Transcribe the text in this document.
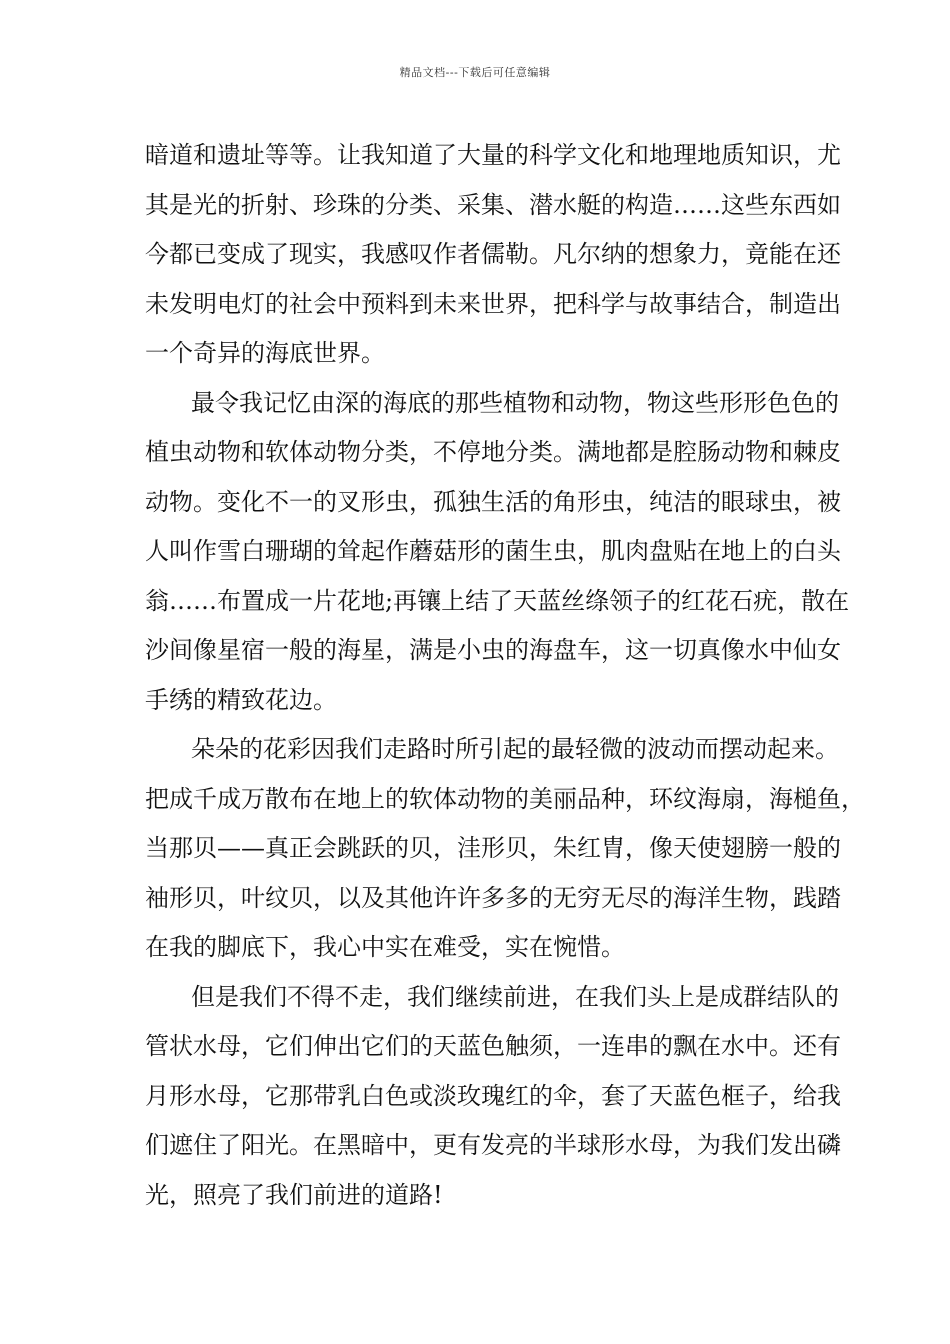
精品文档---下载后可任意编辑
暗道和遗址等等。让我知道了大量的科学文化和地理地质知识，尤
其是光的折射、珍珠的分类、采集、潜水艇的构造……这些东西如
今都已变成了现实，我感叹作者儒勒。凡尔纳的想象力，竟能在还
未发明电灯的社会中预料到未来世界，把科学与故事结合，制造出
一个奇异的海底世界。
最令我记忆由深的海底的那些植物和动物，物这些形形色色的
植虫动物和软体动物分类，不停地分类。满地都是腔肠动物和棘皮
动物。变化不一的叉形虫，孤独生活的角形虫，纯洁的眼球虫，被
人叫作雪白珊瑚的耸起作蘑菇形的菌生虫，肌肉盘贴在地上的白头
翁……布置成一片花地;再镶上结了天蓝丝绦领子的红花石疣，散在
沙间像星宿一般的海星，满是小虫的海盘车，这一切真像水中仙女
手绣的精致花边。
朵朵的花彩因我们走路时所引起的最轻微的波动而摆动起来。
把成千成万散布在地上的软体动物的美丽品种，环纹海扇，海槌鱼，
当那贝——真正会跳跃的贝，洼形贝，朱红胄，像天使翅膀一般的
袖形贝，叶纹贝，以及其他许许多多的无穷无尽的海洋生物，践踏
在我的脚底下，我心中实在难受，实在惋惜。
但是我们不得不走，我们继续前进，在我们头上是成群结队的
管状水母，它们伸出它们的天蓝色触须，一连串的飘在水中。还有
月形水母，它那带乳白色或淡玫瑰红的伞，套了天蓝色框子，给我
们遮住了阳光。在黑暗中，更有发亮的半球形水母，为我们发出磷
光，照亮了我们前进的道路!
